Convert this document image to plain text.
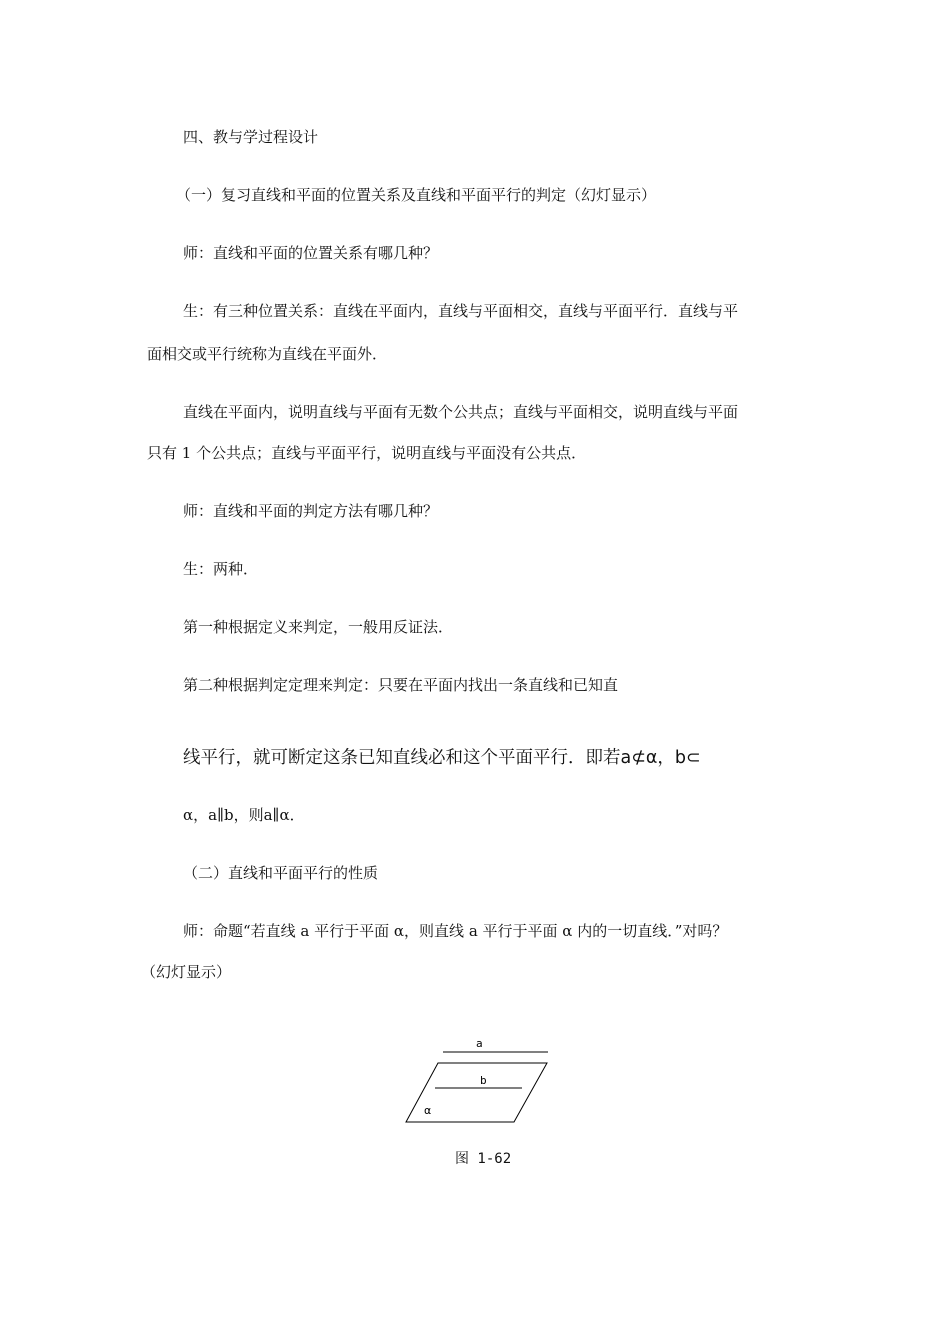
四、教与学过程设计
（一）复习直线和平面的位置关系及直线和平面平行的判定（幻灯显示）
师：直线和平面的位置关系有哪几种？
生：有三种位置关系：直线在平面内，直线与平面相交，直线与平面平行．直线与平
面相交或平行统称为直线在平面外．
直线在平面内，说明直线与平面有无数个公共点；直线与平面相交，说明直线与平面
只有 1 个公共点；直线与平面平行，说明直线与平面没有公共点．
师：直线和平面的判定方法有哪几种？
生：两种．
第一种根据定义来判定，一般用反证法．
第二种根据判定定理来判定：只要在平面内找出一条直线和已知直
线平行，就可断定这条已知直线必和这个平面平行．即若a⊄α，b⊂
α，a∥b，则a∥α．
（二）直线和平面平行的性质
师：命题“若直线 a 平行于平面 α，则直线 a 平行于平面 α 内的一切直线．”对吗？
（幻灯显示）
a
b
α
图 1-62
